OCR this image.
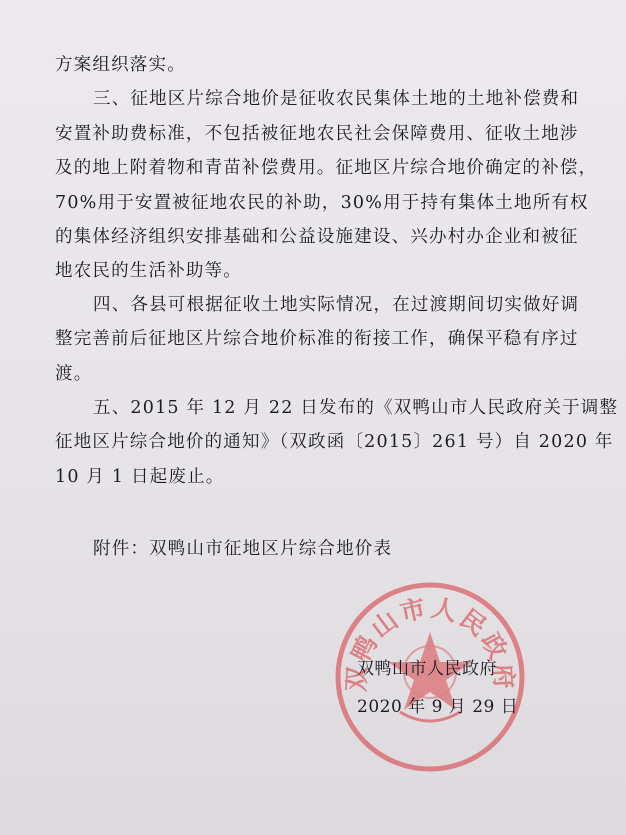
方案组织落实。

三、征地区片综合地价是征收农民集体土地的土地补偿费和

安置补助费标准，不包括被征地农民社会保障费用、征收土地涉

及的地上附着物和青苗补偿费用。征地区片综合地价确定的补偿，

70%用于安置被征地农民的补助，30%用于持有集体土地所有权

的集体经济组织安排基础和公益设施建设、兴办村办企业和被征

地农民的生活补助等。

四、各县可根据征收土地实际情况，在过渡期间切实做好调

整完善前后征地区片综合地价标准的衔接工作，确保平稳有序过

渡。

五、2015 年 12 月 22 日发布的《双鸭山市人民政府关于调整

征地区片综合地价的通知》（双政函〔2015〕261 号）自 2020 年

10 月 1 日起废止。

附件：双鸭山市征地区片综合地价表

双鸭山市人民政府
双鸭山市人民政府
2020 年 9 月 29 日
